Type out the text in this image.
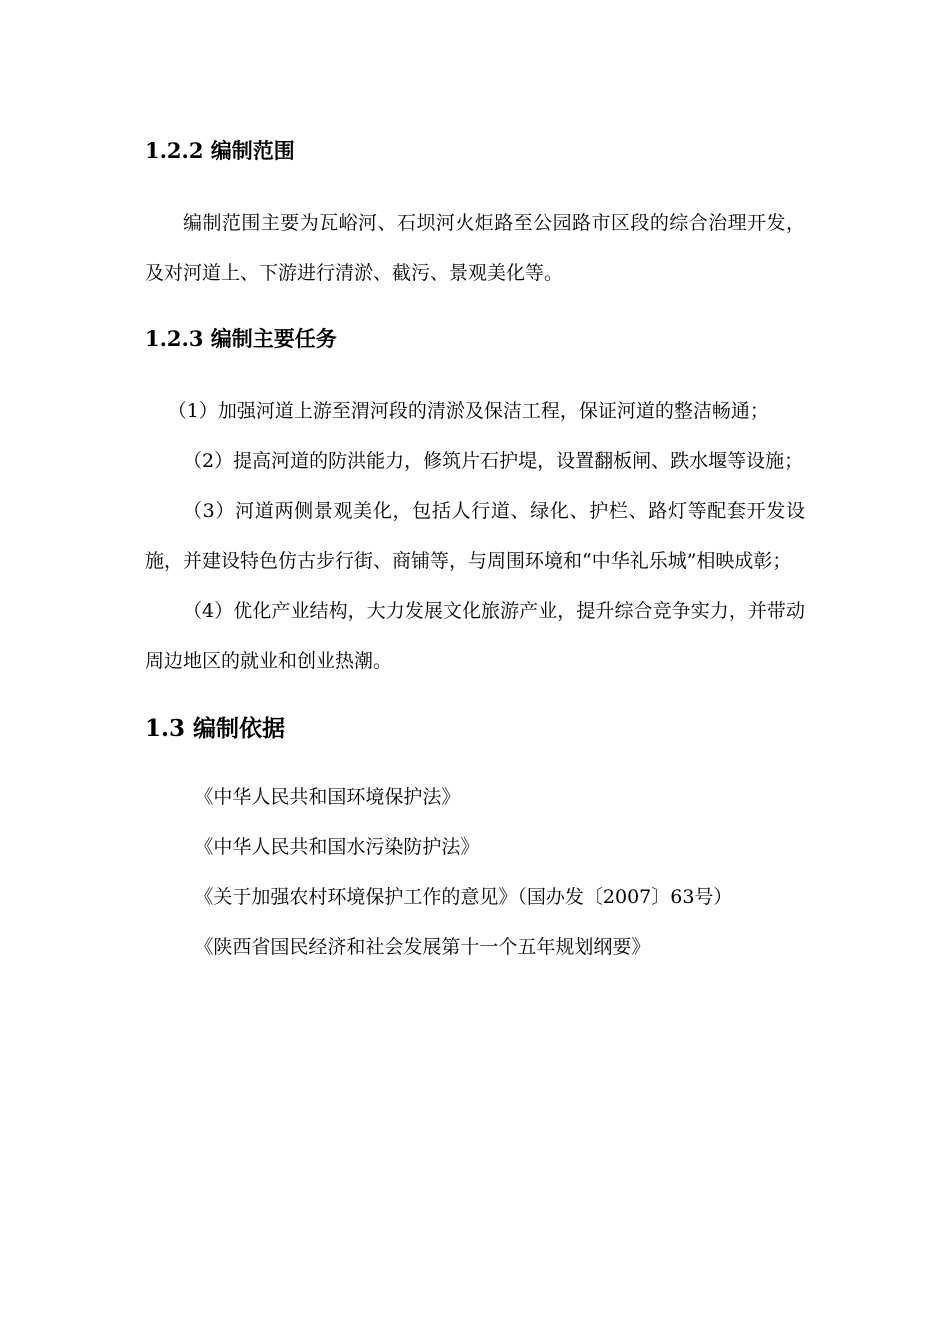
1.2.2 编制范围

编制范围主要为瓦峪河、石坝河火炬路至公园路市区段的综合治理开发，及对河道上、下游进行清淤、截污、景观美化等。

1.2.3 编制主要任务

（1）加强河道上游至渭河段的清淤及保洁工程，保证河道的整洁畅通；

（2）提高河道的防洪能力，修筑片石护堤，设置翻板闸、跌水堰等设施；

（3）河道两侧景观美化，包括人行道、绿化、护栏、路灯等配套开发设施，并建设特色仿古步行街、商铺等，与周围环境和“中华礼乐城”相映成彰；

（4）优化产业结构，大力发展文化旅游产业，提升综合竞争实力，并带动周边地区的就业和创业热潮。

1.3 编制依据

《中华人民共和国环境保护法》

《中华人民共和国水污染防护法》

《关于加强农村环境保护工作的意见》（国办发〔2007〕63号）

《陕西省国民经济和社会发展第十一个五年规划纲要》
